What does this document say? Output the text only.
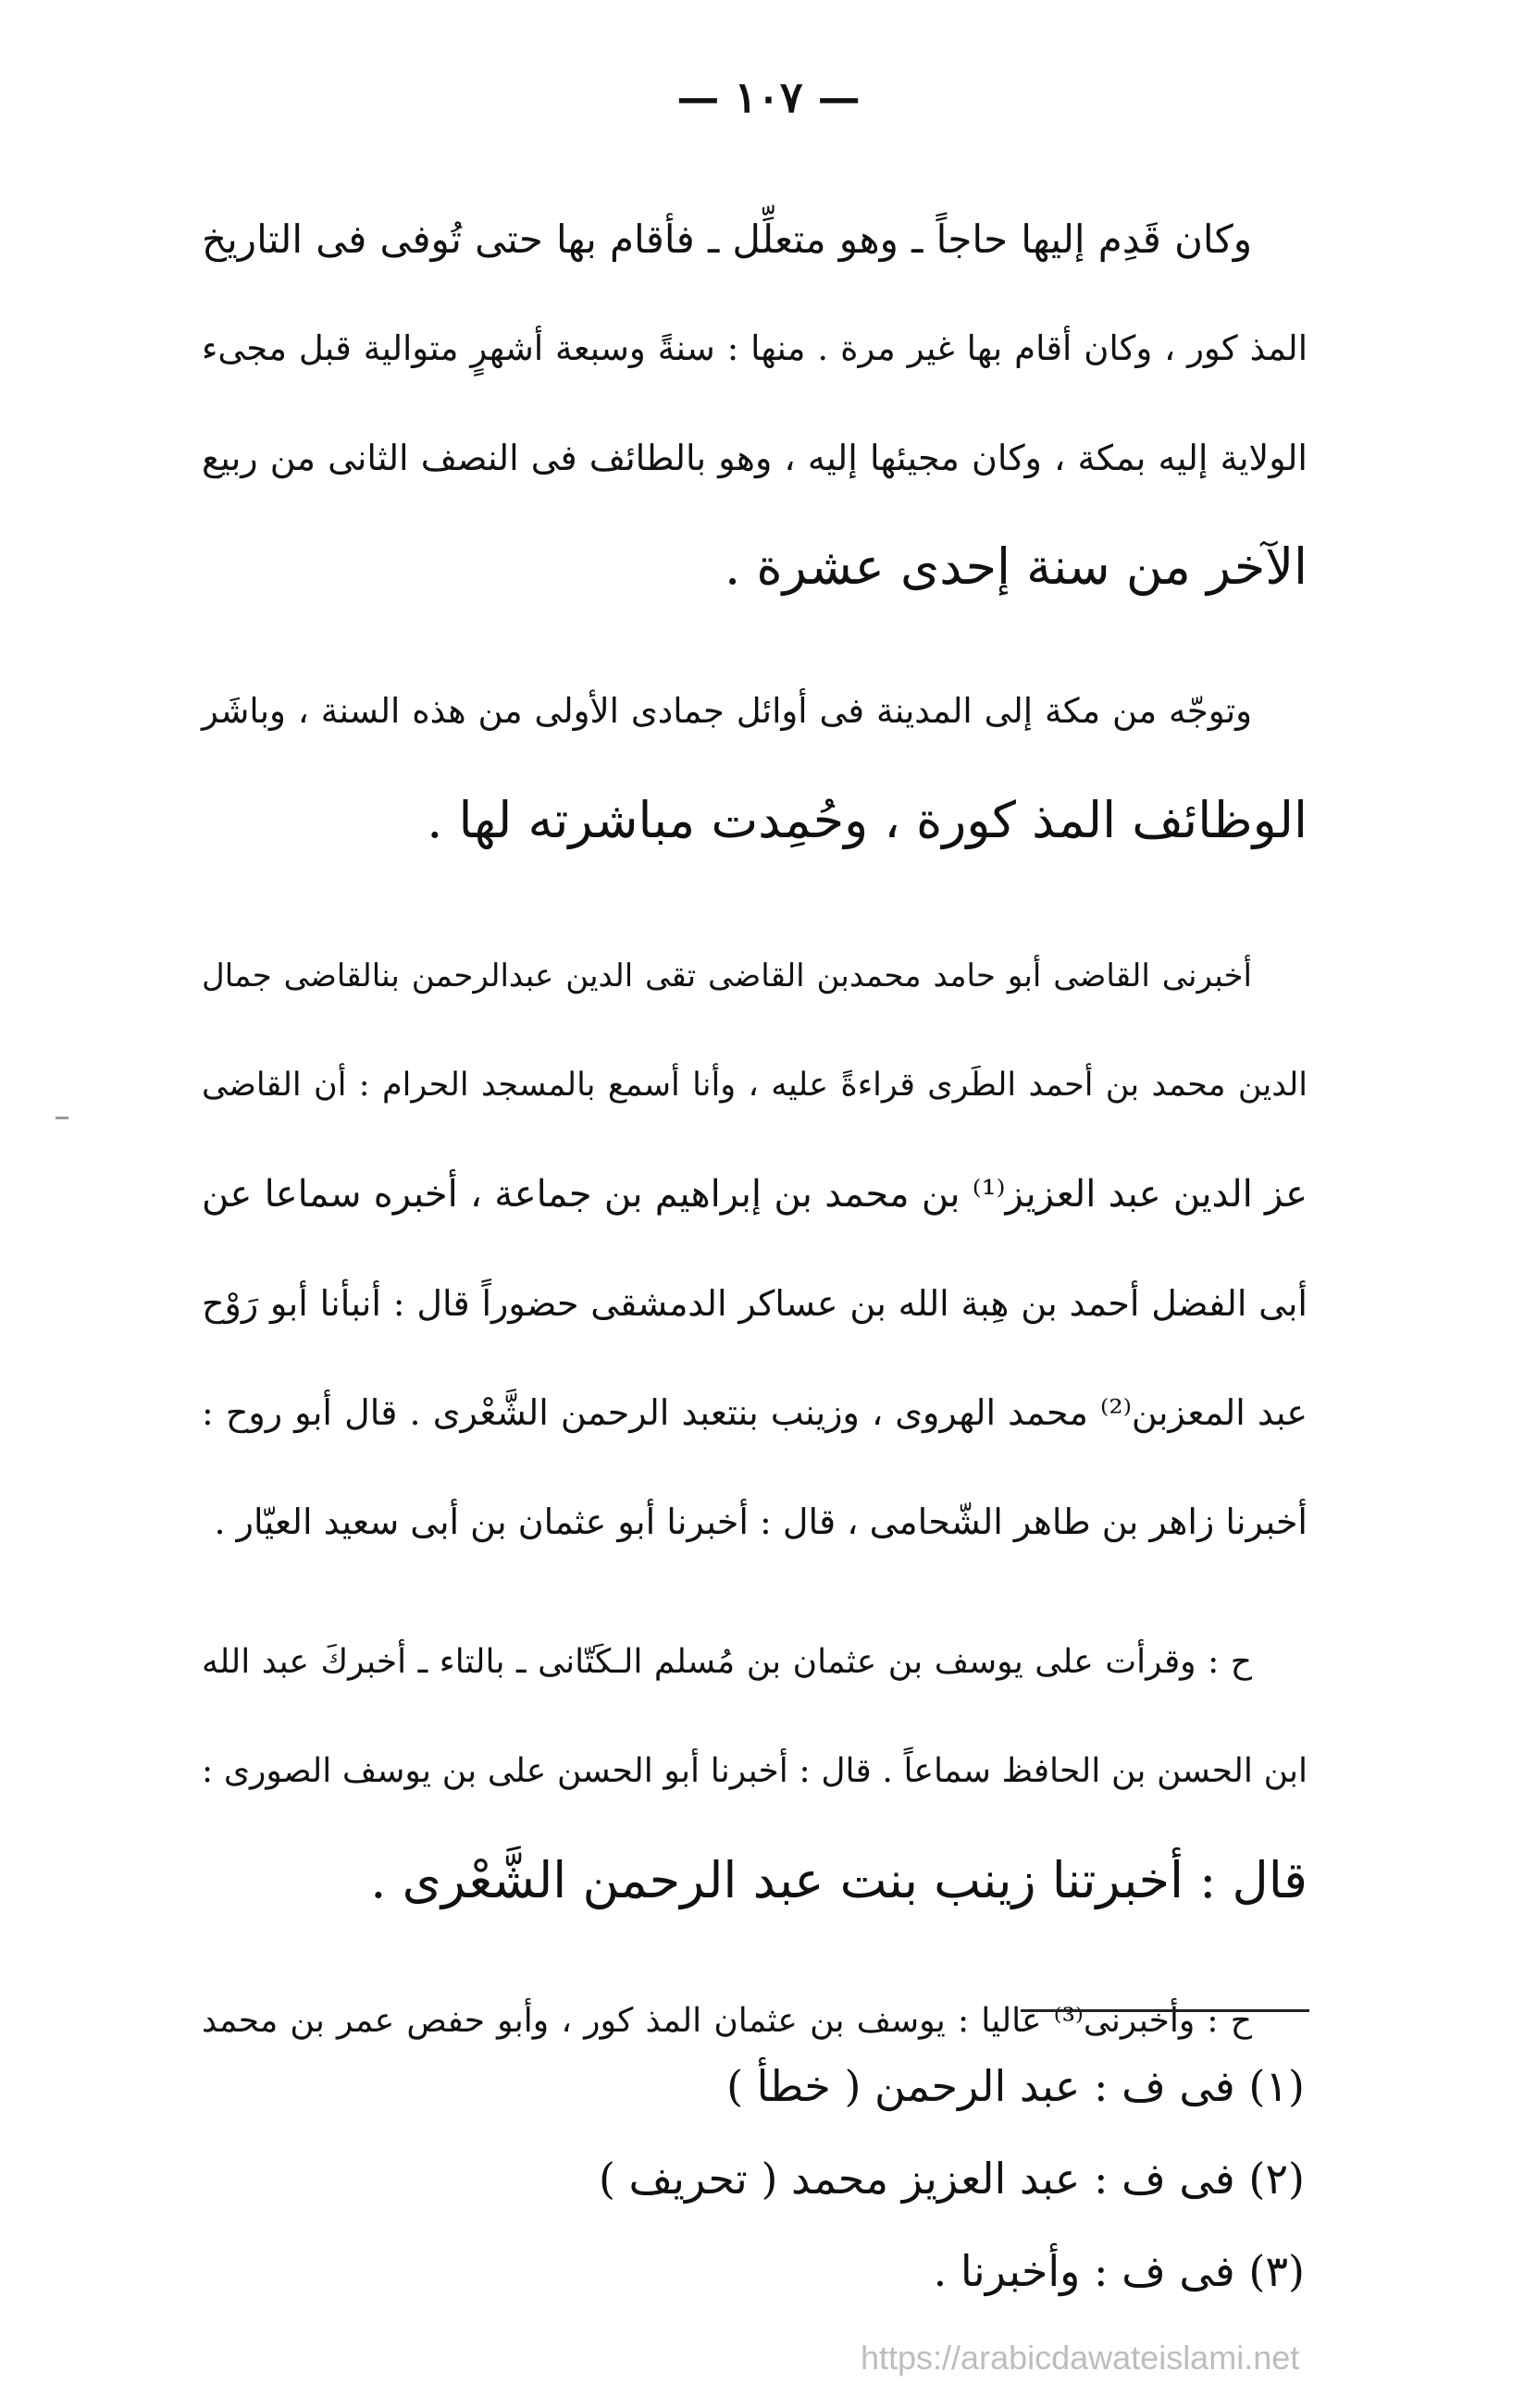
— ١٠٧ —
وكان قَدِم إليها حاجاً ـ وهو متعلِّل ـ فأقام بها حتى تُوفى فى التاريخ
المذ كور ، وكان أقام بها غير مرة . منها : سنةً وسبعة أشهرٍ متوالية قبل مجىء
الولاية إليه بمكة ، وكان مجيئها إليه ، وهو بالطائف فى النصف الثانى من ربيع
الآخر من سنة إحدى عشرة .
وتوجّه من مكة إلى المدينة فى أوائل جمادى الأولى من هذه السنة ، وباشَر
الوظائف المذ كورة ، وحُمِدت مباشرته لها .
أخبرنى القاضى أبو حامد محمدبن القاضى تقى الدين عبدالرحمن بنالقاضى جمال
الدين محمد بن أحمد الطَرى قراءةً عليه ، وأنا أسمع بالمسجد الحرام : أن القاضى
عز الدين عبد العزيز⁽¹⁾ بن محمد بن إبراهيم بن جماعة ، أخبره سماعا عن
أبى الفضل أحمد بن هِبة الله بن عساكر الدمشقى حضوراً قال : أنبأنا أبو رَوْح
عبد المعزبن⁽²⁾ محمد الهروى ، وزينب بنتعبد الرحمن الشَّعْرى . قال أبو روح :
أخبرنا زاهر بن طاهر الشّحامى ، قال : أخبرنا أبو عثمان بن أبى سعيد العيّار .
ح : وقرأت على يوسف بن عثمان بن مُسلم الـكَتّانى ـ بالتاء ـ أخبركَ عبد الله
ابن الحسن بن الحافظ سماعاً . قال : أخبرنا أبو الحسن على بن يوسف الصورى :
قال : أخبرتنا زينب بنت عبد الرحمن الشَّعْرى .
ح : وأخبرنى⁽³⁾ عاليا : يوسف بن عثمان المذ كور ، وأبو حفص عمر بن محمد
(١) فى ف : عبد الرحمن ( خطأ )
(٢) فى ف : عبد العزيز محمد ( تحريف )
(٣) فى ف : وأخبرنا .
https://arabicdawateislami.net
